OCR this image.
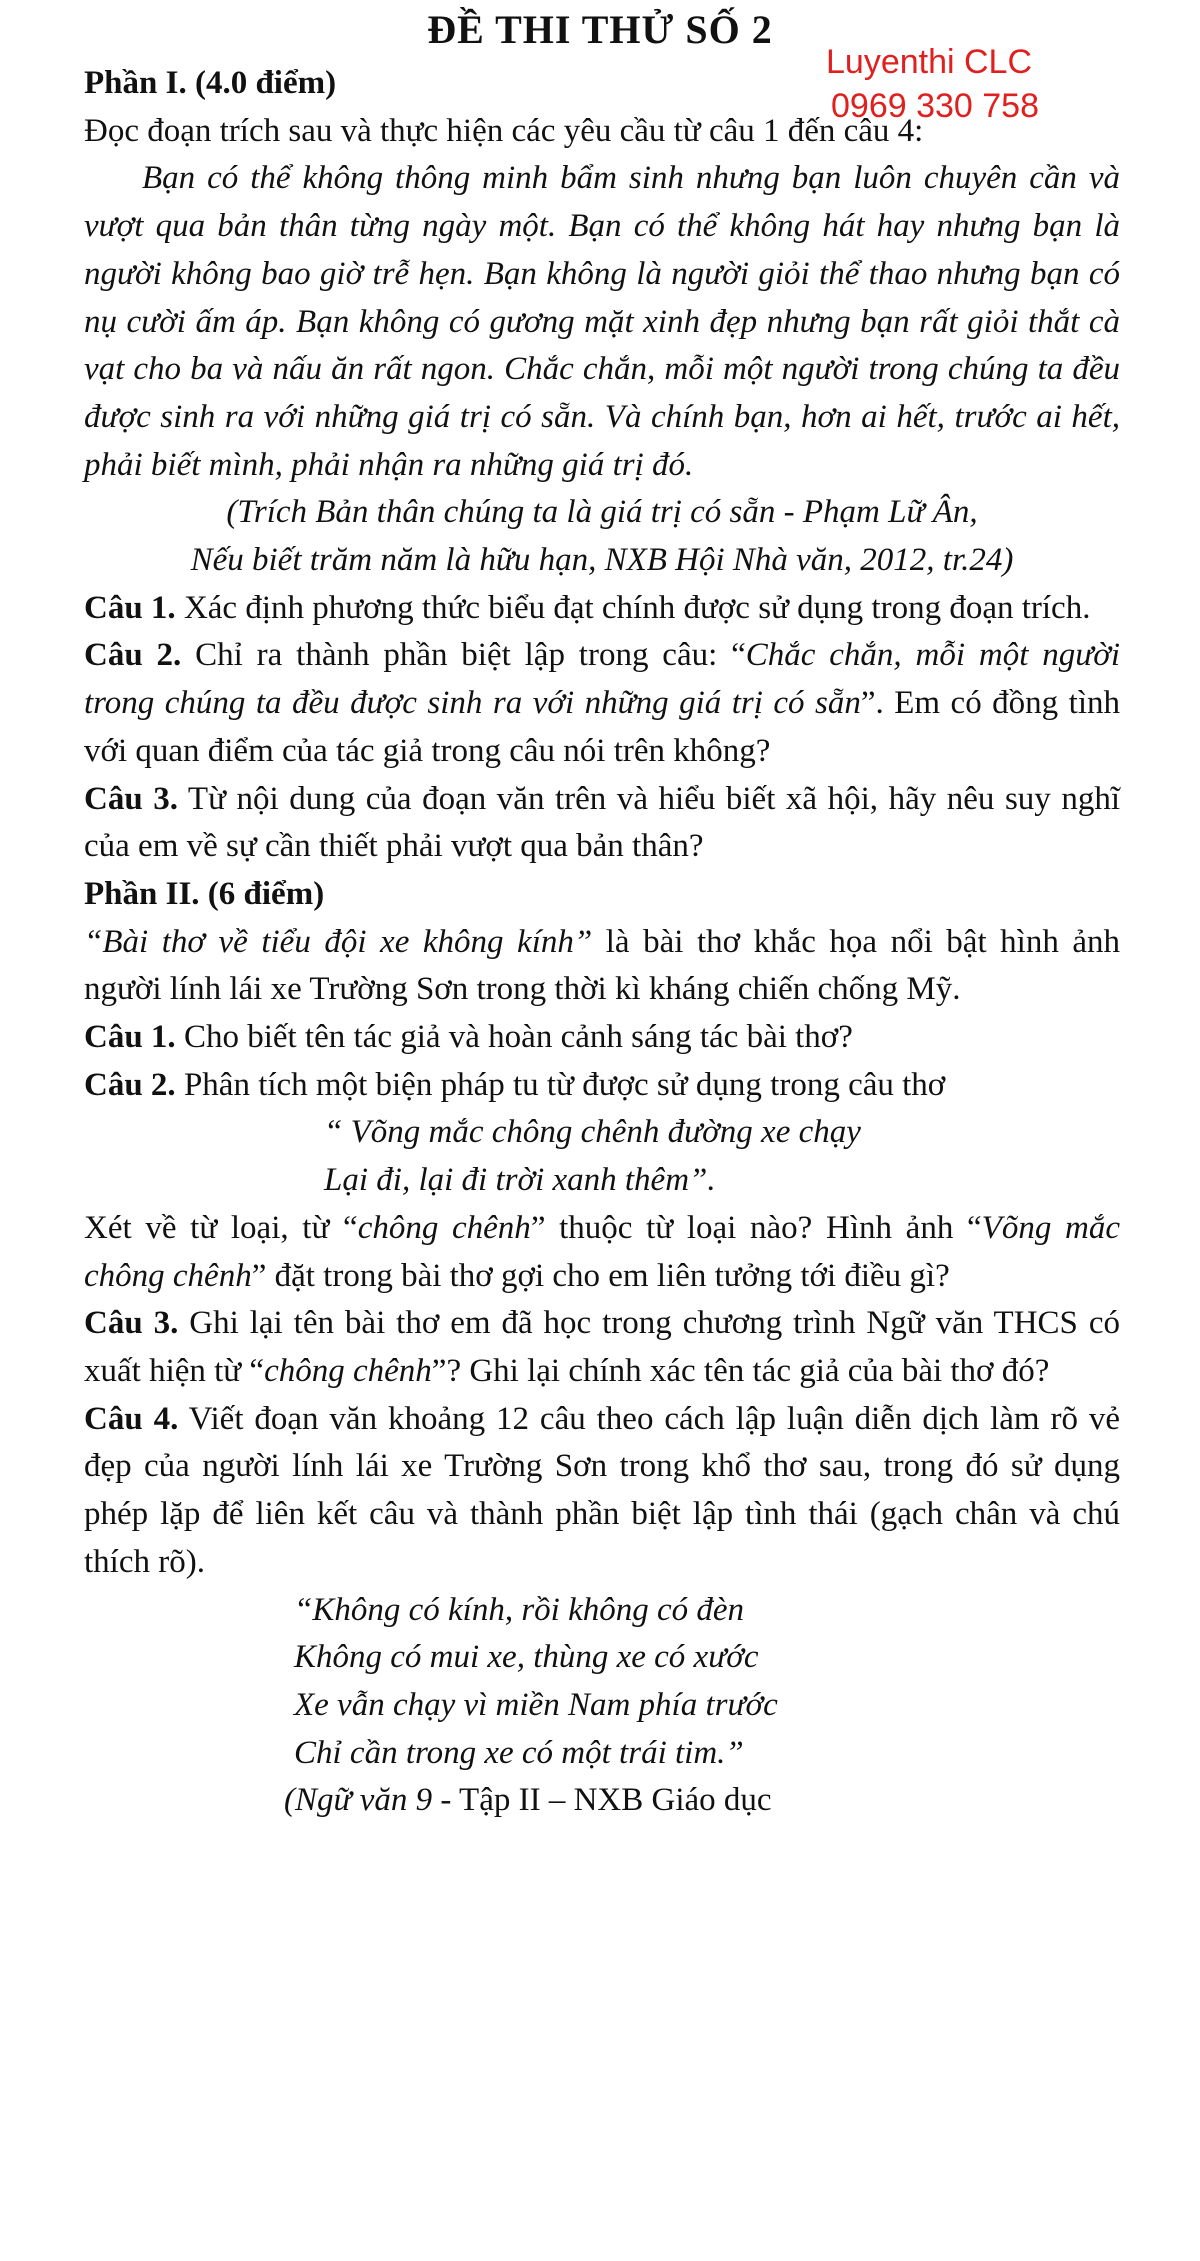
ĐỀ THI THỬ SỐ 2
Luyenthi CLC
0969 330 758

Phần I. (4.0 điểm)

Đọc đoạn trích sau và thực hiện các yêu cầu từ câu 1 đến câu 4:

Bạn có thể không thông minh bẩm sinh nhưng bạn luôn chuyên cần và vượt qua bản thân từng ngày một. Bạn có thể không hát hay nhưng bạn là người không bao giờ trễ hẹn. Bạn không là người giỏi thể thao nhưng bạn có nụ cười ấm áp. Bạn không có gương mặt xinh đẹp nhưng bạn rất giỏi thắt cà vạt cho ba và nấu ăn rất ngon. Chắc chắn, mỗi một người trong chúng ta đều được sinh ra với những giá trị có sẵn. Và chính bạn, hơn ai hết, trước ai hết, phải biết mình, phải nhận ra những giá trị đó.

(Trích Bản thân chúng ta là giá trị có sẵn - Phạm Lữ Ân,

Nếu biết trăm năm là hữu hạn, NXB Hội Nhà văn, 2012, tr.24)

Câu 1. Xác định phương thức biểu đạt chính được sử dụng trong đoạn trích.

Câu 2. Chỉ ra thành phần biệt lập trong câu: “Chắc chắn, mỗi một người trong chúng ta đều được sinh ra với những giá trị có sẵn”. Em có đồng tình với quan điểm của tác giả trong câu nói trên không?

Câu 3. Từ nội dung của đoạn văn trên và hiểu biết xã hội, hãy nêu suy nghĩ của em về sự cần thiết phải vượt qua bản thân?

Phần II. (6 điểm)

“Bài thơ về tiểu đội xe không kính” là bài thơ khắc họa nổi bật hình ảnh người lính lái xe Trường Sơn trong thời kì kháng chiến chống Mỹ.

Câu 1. Cho biết tên tác giả và hoàn cảnh sáng tác bài thơ?

Câu 2. Phân tích một biện pháp tu từ được sử dụng trong câu thơ

“ Võng mắc chông chênh đường xe chạy

Lại đi, lại đi trời xanh thêm”.

Xét về từ loại, từ “chông chênh” thuộc từ loại nào? Hình ảnh “Võng mắc chông chênh” đặt trong bài thơ gợi cho em liên tưởng tới điều gì?

Câu 3. Ghi lại tên bài thơ em đã học trong chương trình Ngữ văn THCS có xuất hiện từ “chông chênh”? Ghi lại chính xác tên tác giả của bài thơ đó?

Câu 4. Viết đoạn văn khoảng 12 câu theo cách lập luận diễn dịch làm rõ vẻ đẹp của người lính lái xe Trường Sơn trong khổ thơ sau, trong đó sử dụng phép lặp để liên kết câu và thành phần biệt lập tình thái (gạch chân và chú thích rõ).

“Không có kính, rồi không có đèn

Không có mui xe, thùng xe có xước

Xe vẫn chạy vì miền Nam phía trước

Chỉ cần trong xe có một trái tim.”

(Ngữ văn 9 - Tập II – NXB Giáo dục
